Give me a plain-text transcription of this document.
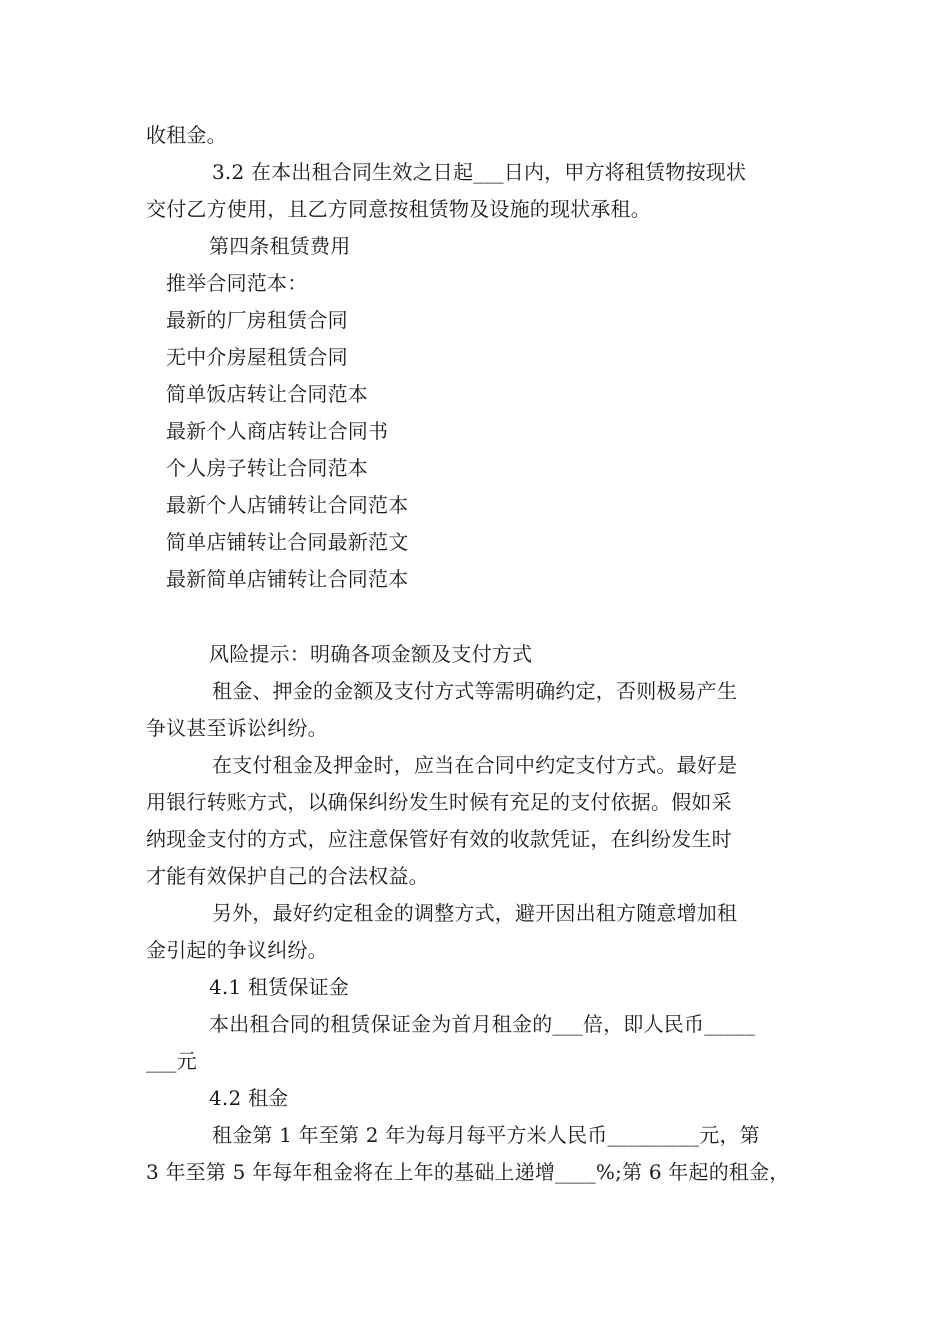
收租金。
3.2 在本出租合同生效之日起___日内，甲方将租赁物按现状
交付乙方使用，且乙方同意按租赁物及设施的现状承租。
第四条租赁费用
推举合同范本：
最新的厂房租赁合同
无中介房屋租赁合同
简单饭店转让合同范本
最新个人商店转让合同书
个人房子转让合同范本
最新个人店铺转让合同范本
简单店铺转让合同最新范文
最新简单店铺转让合同范本
风险提示：明确各项金额及支付方式
租金、押金的金额及支付方式等需明确约定，否则极易产生
争议甚至诉讼纠纷。
在支付租金及押金时，应当在合同中约定支付方式。最好是
用银行转账方式，以确保纠纷发生时候有充足的支付依据。假如采
纳现金支付的方式，应注意保管好有效的收款凭证，在纠纷发生时
才能有效保护自己的合法权益。
另外，最好约定租金的调整方式，避开因出租方随意增加租
金引起的争议纠纷。
4.1 租赁保证金
本出租合同的租赁保证金为首月租金的___倍，即人民币_____
___元
4.2 租金
租金第 1 年至第 2 年为每月每平方米人民币_________元，第
3 年至第 5 年每年租金将在上年的基础上递增____%;第 6 年起的租金，
